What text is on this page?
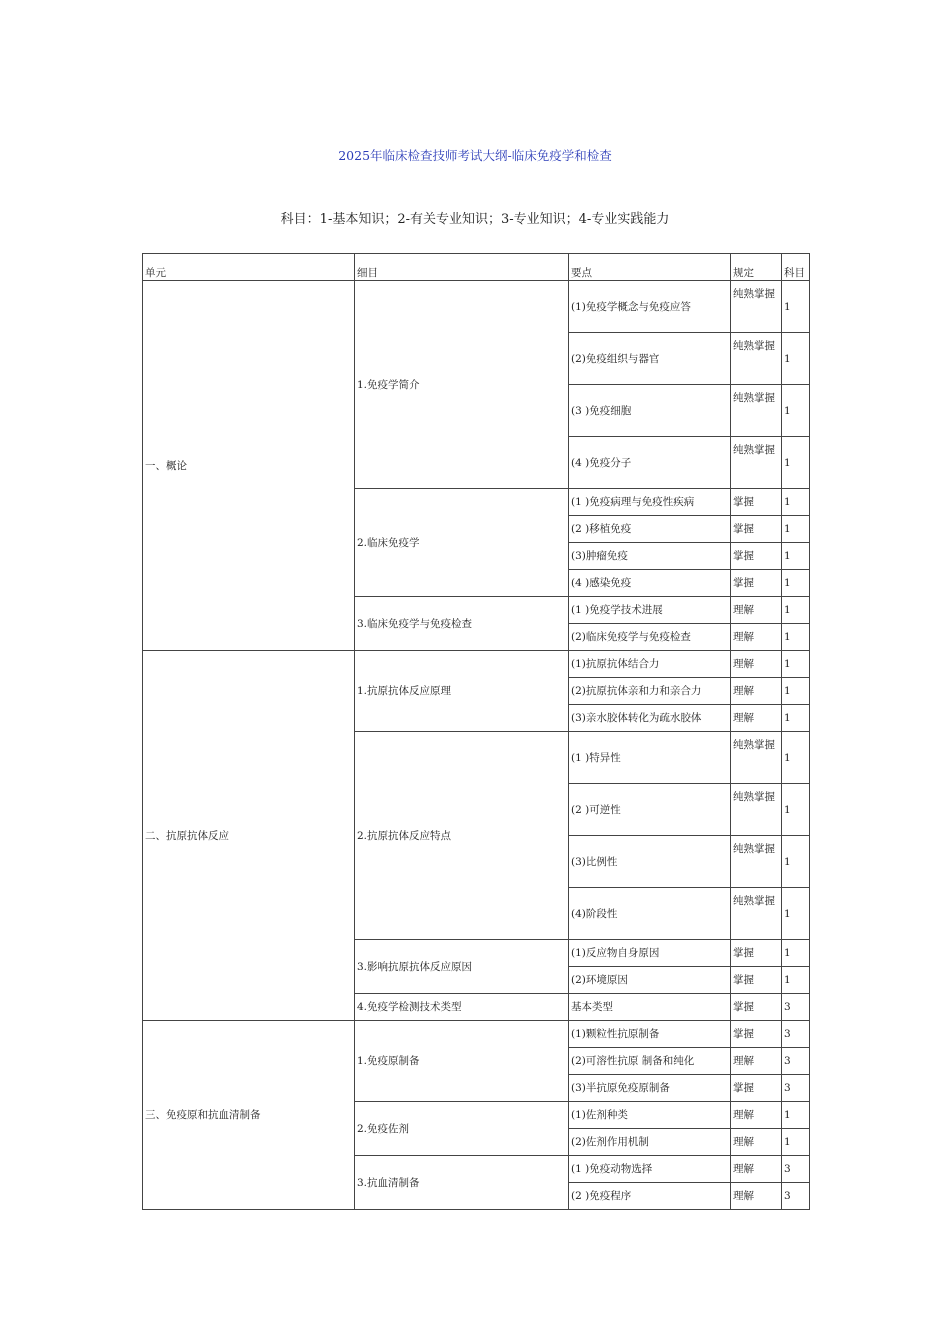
2025年临床检查技师考试大纲-临床免疫学和检查
科目：1-基本知识；2-有关专业知识；3-专业知识；4-专业实践能力
单元	细目	要点	规定	科目
一、概论	1.免疫学简介	(1)免疫学概念与免疫应答	纯熟掌握	1
		(2)免疫组织与器官	纯熟掌握	1
		(3 )免疫细胞	纯熟掌握	1
		(4 )免疫分子	纯熟掌握	1
	2.临床免疫学	(1 )免疫病理与免疫性疾病	掌握	1
		(2 )移植免疫	掌握	1
		(3)肿瘤免疫	掌握	1
		(4 )感染免疫	掌握	1
	3.临床免疫学与免疫检查	(1 )免疫学技术进展	理解	1
		(2)临床免疫学与免疫检查	理解	1
二、抗原抗体反应	1.抗原抗体反应原理	(1)抗原抗体结合力	理解	1
		(2)抗原抗体亲和力和亲合力	理解	1
		(3)亲水胶体转化为疏水胶体	理解	1
	2.抗原抗体反应特点	(1 )特异性	纯熟掌握	1
		(2 )可逆性	纯熟掌握	1
		(3)比例性	纯熟掌握	1
		(4)阶段性	纯熟掌握	1
	3.影响抗原抗体反应原因	(1)反应物自身原因	掌握	1
		(2)环境原因	掌握	1
	4.免疫学检测技术类型	基本类型	掌握	3
三、免疫原和抗血清制备	1.免疫原制备	(1)颗粒性抗原制备	掌握	3
		(2)可溶性抗原 制备和纯化	理解	3
		(3)半抗原免疫原制备	掌握	3
	2.免疫佐剂	(1)佐剂种类	理解	1
		(2)佐剂作用机制	理解	1
	3.抗血清制备	(1 )免疫动物选择	理解	3
		(2 )免疫程序	理解	3
